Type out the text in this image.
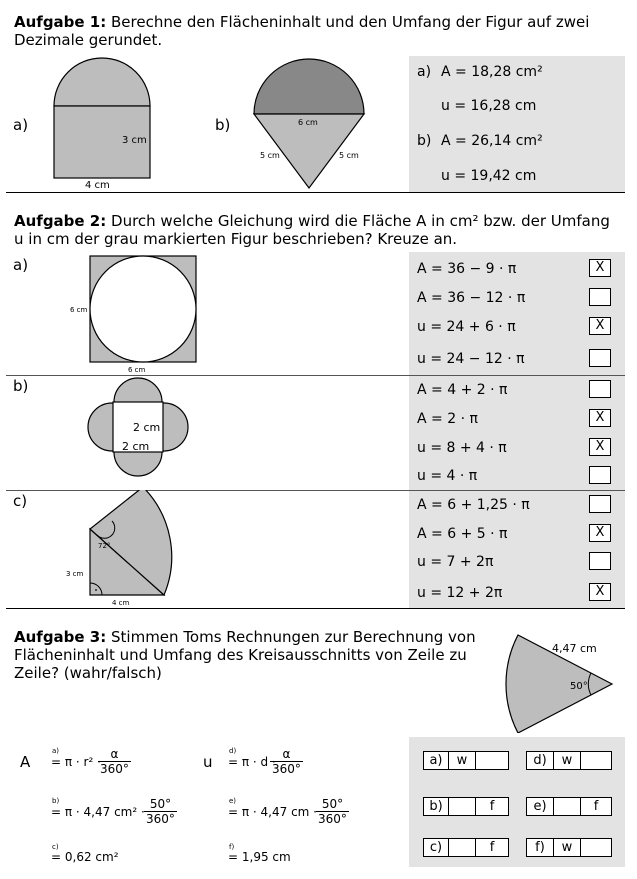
Aufgabe 1: Berechne den Flächeninhalt und den Umfang der Figur auf zwei Dezimale gerundet.
a)
3 cm
4 cm
b)	6 cm
5 cm	5 cm
a) A = 18,28 cm²
u = 16,28 cm
b) A = 26,14 cm²
u = 19,42 cm
Aufgabe 2: Durch welche Gleichung wird die Fläche A in cm² bzw. der Umfang u in cm der grau markierten Figur beschrieben? Kreuze an.
a)
6 cm
6 cm
A = 36 − 9 · π	X
A = 36 − 12 · π
u = 24 + 6 · π	X
u = 24 − 12 · π
b)
2 cm
2 cm
A = 4 + 2 · π
A = 2 · π	X
u = 8 + 4 · π	X
u = 4 · π
c)
72°
3 cm
4 cm
A = 6 + 1,25 · π
A = 6 + 5 · π	X
u = 7 + 2π
u = 12 + 2π	X
Aufgabe 3: Stimmen Toms Rechnungen zur Berechnung von Flächeninhalt und Umfang des Kreisausschnitts von Zeile zu Zeile? (wahr/falsch)
4,47 cm
50°
A
a)
= π · r² ·
$\frac{\alpha}{360^\circ}$
b)
= π · 4,47 $cm^2 \cdot \frac{50^\circ}{360^\circ}$
c)
= 0,62 cm²
u
d)
= π · d ·
$\frac{\alpha}{360^\circ}$
e)
= π · 4,47 cm · $\frac{50^\circ}{360^\circ}$
f)
= 1,95 cm
a)	w	d)	w
b)	f	e)	f
c)	f	f)	w
